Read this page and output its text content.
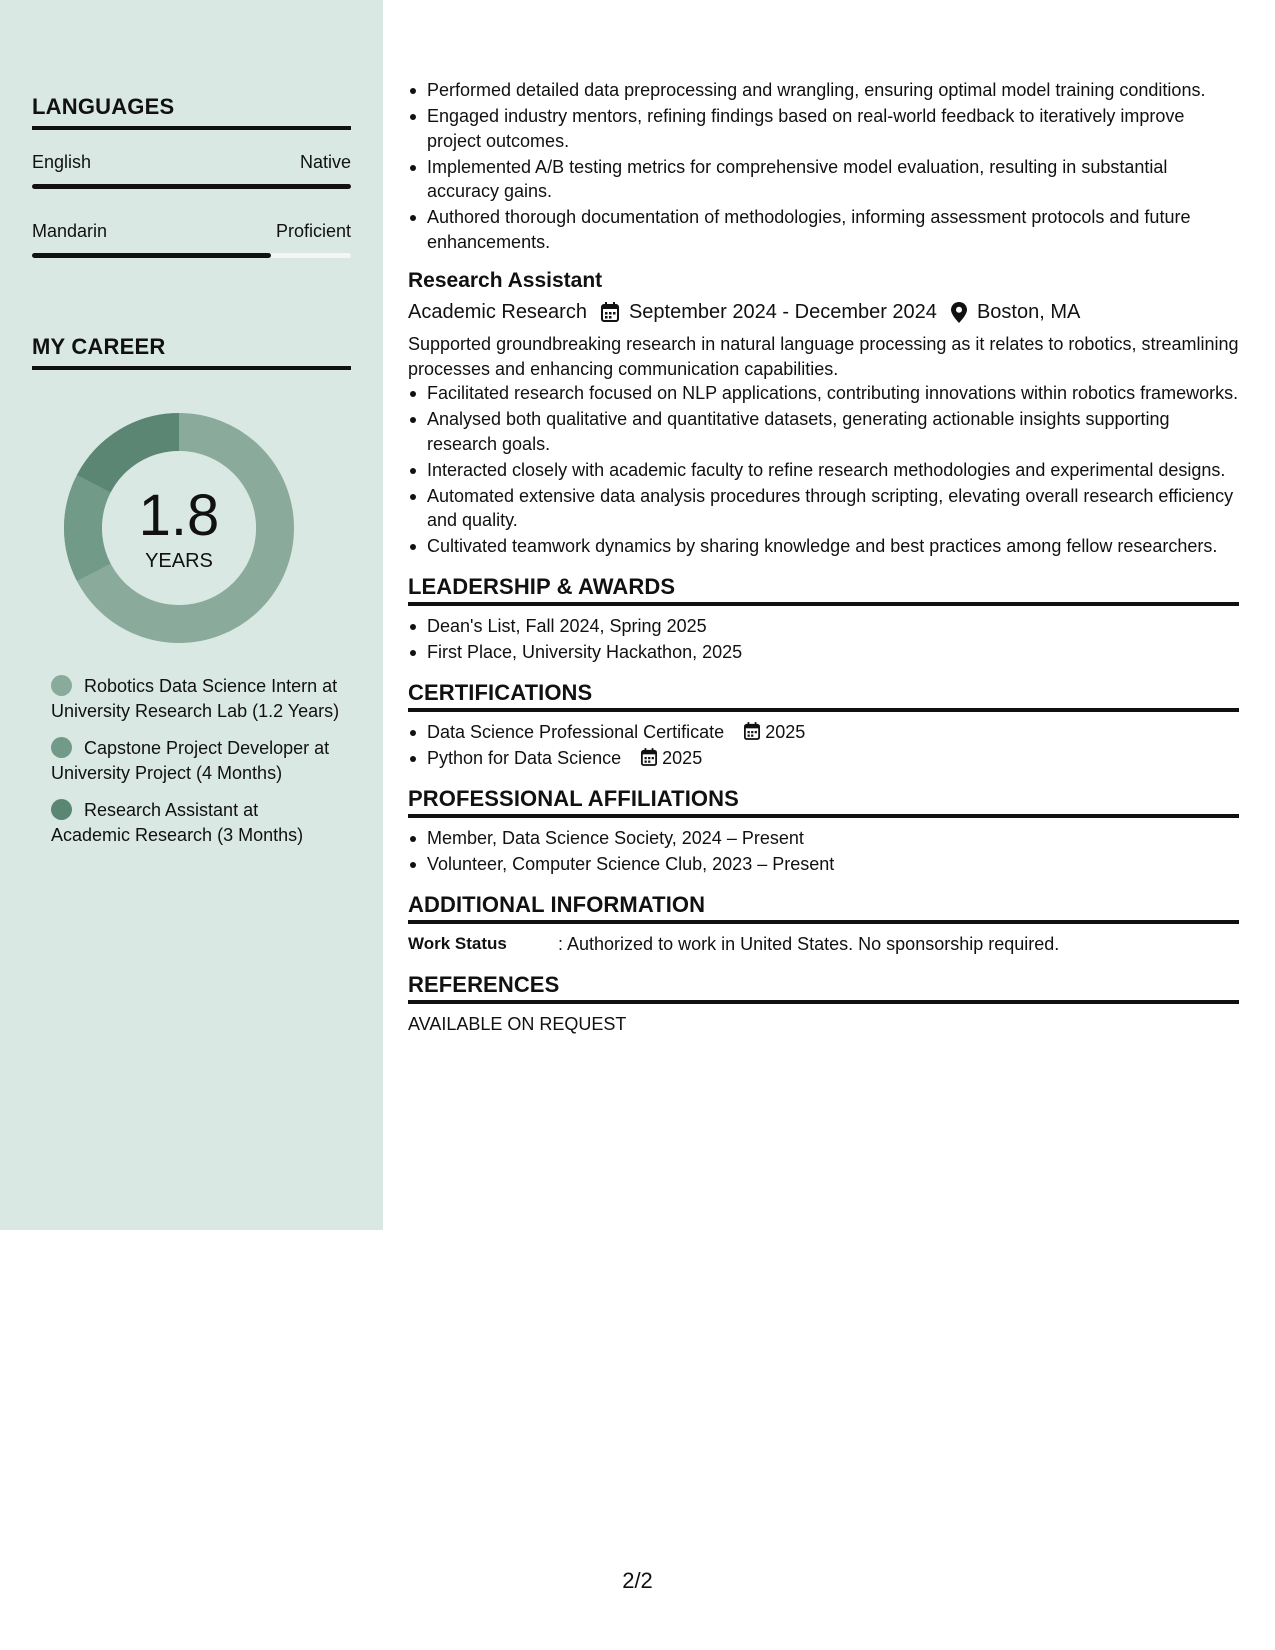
LANGUAGES
English	Native
Mandarin	Proficient
MY CAREER
1.8
YEARS
Robotics Data Science Intern at University Research Lab (1.2 Years)
Capstone Project Developer at University Project (4 Months)
Research Assistant at Academic Research (3 Months)
Performed detailed data preprocessing and wrangling, ensuring optimal model training conditions.
Engaged industry mentors, refining findings based on real-world feedback to iteratively improve project outcomes.
Implemented A/B testing metrics for comprehensive model evaluation, resulting in substantial accuracy gains.
Authored thorough documentation of methodologies, informing assessment protocols and future enhancements.
Research Assistant
Academic Research September 2024 - December 2024 Boston, MA
Supported groundbreaking research in natural language processing as it relates to robotics, streamlining processes and enhancing communication capabilities.
Facilitated research focused on NLP applications, contributing innovations within robotics frameworks.
Analysed both qualitative and quantitative datasets, generating actionable insights supporting research goals.
Interacted closely with academic faculty to refine research methodologies and experimental designs.
Automated extensive data analysis procedures through scripting, elevating overall research efficiency and quality.
Cultivated teamwork dynamics by sharing knowledge and best practices among fellow researchers.
LEADERSHIP & AWARDS
Dean's List, Fall 2024, Spring 2025
First Place, University Hackathon, 2025
CERTIFICATIONS
Data Science Professional Certificate 2025
Python for Data Science 2025
PROFESSIONAL AFFILIATIONS
Member, Data Science Society, 2024 – Present
Volunteer, Computer Science Club, 2023 – Present
ADDITIONAL INFORMATION
Work Status	: Authorized to work in United States. No sponsorship required.
REFERENCES
AVAILABLE ON REQUEST
2/2
